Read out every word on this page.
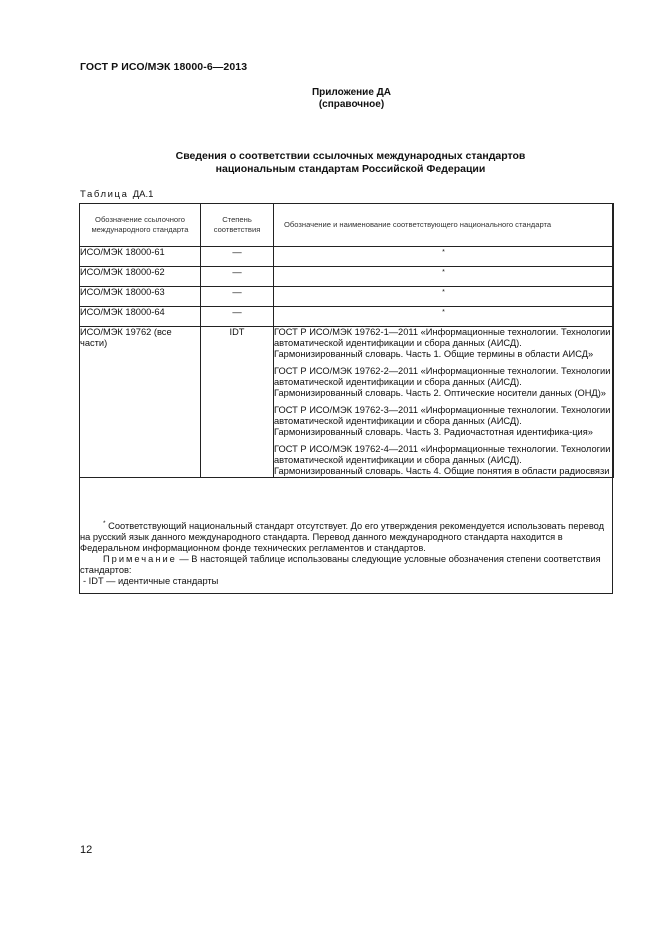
ГОСТ Р ИСО/МЭК 18000-6—2013
Приложение ДА
(справочное)
Сведения о соответствии ссылочных международных стандартов
национальным стандартам Российской Федерации
Таблица ДА.1
Обозначение ссылочного международного стандарта	Степень соответствия	Обозначение и наименование соответствующего национального стандарта
ИСО/МЭК 18000-61	—	*
ИСО/МЭК 18000-62	—	*
ИСО/МЭК 18000-63	—	*
ИСО/МЭК 18000-64	—	*
ИСО/МЭК 19762 (все части)	IDT	ГОСТ Р ИСО/МЭК 19762-1—2011 «Информационные технологии. Технологии автоматической идентификации и сбора данных (АИСД). Гармонизированный словарь. Часть 1. Общие термины в области АИСД»
ГОСТ Р ИСО/МЭК 19762-2—2011 «Информационные технологии. Технологии автоматической идентификации и сбора данных (АИСД). Гармонизированный словарь. Часть 2. Оптические носители данных (ОНД)»
ГОСТ Р ИСО/МЭК 19762-3—2011 «Информационные технологии. Технологии автоматической идентификации и сбора данных (АИСД). Гармонизированный словарь. Часть 3. Радиочастотная идентифика-ция»
ГОСТ Р ИСО/МЭК 19762-4—2011 «Информационные технологии. Технологии автоматической идентификации и сбора данных (АИСД). Гармонизированный словарь. Часть 4. Общие понятия в области радиосвязи

* Соответствующий национальный стандарт отсутствует. До его утверждения рекомендуется использовать перевод на русский язык данного международного стандарта. Перевод данного международного стандарта находится в Федеральном информационном фонде технических регламентов и стандартов.

Примечание — В настоящей таблице использованы следующие условные обозначения степени соответствия стандартов:

- IDT — идентичные стандарты

12
